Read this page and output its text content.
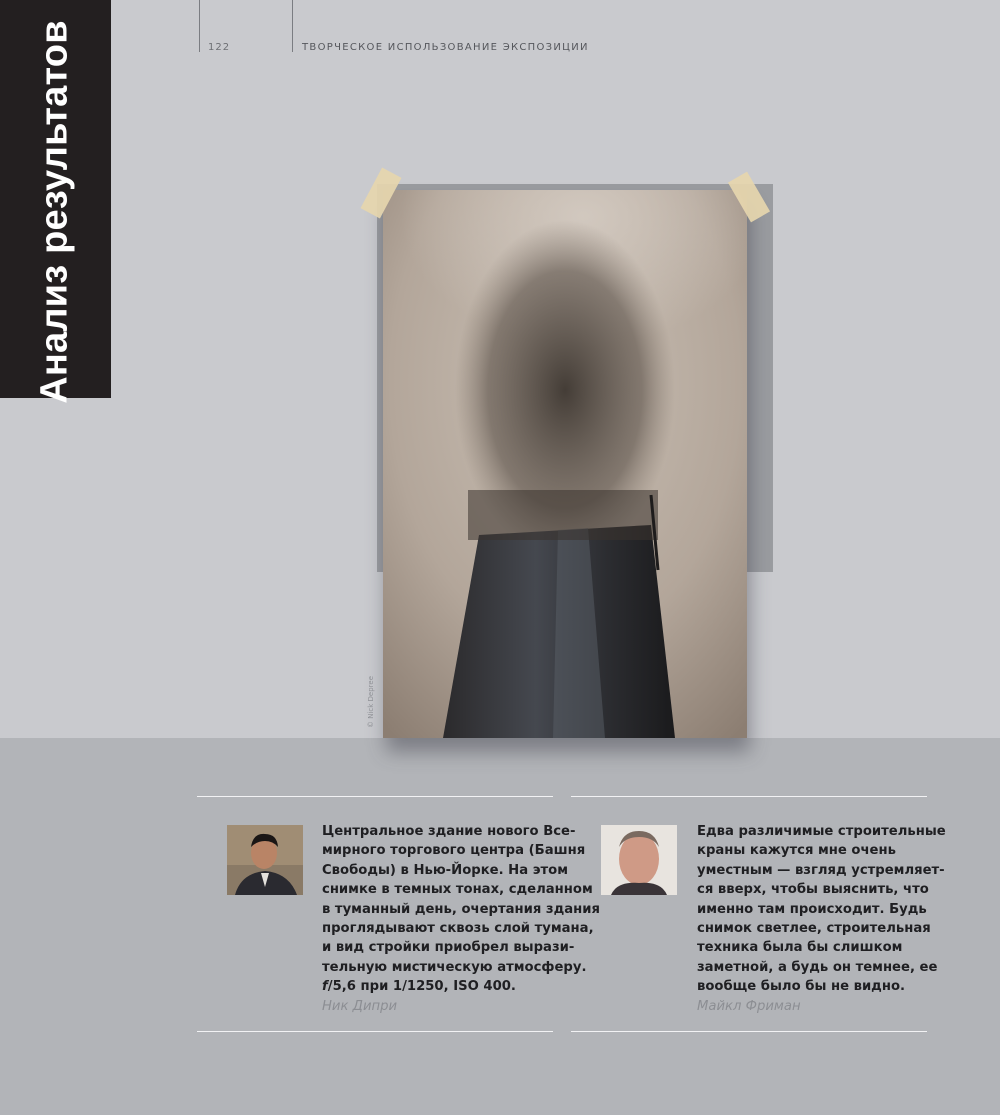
Анализ результатов	122	ТВОРЧЕСКОЕ ИСПОЛЬЗОВАНИЕ ЭКСПОЗИЦИИ
© Nick Depree
Центральное здание нового Все-
мирного торгового центра (Башня
Свободы) в Нью-Йорке. На этом
снимке в темных тонах, сделанном
в туманный день, очертания здания
проглядывают сквозь слой тумана,
и вид стройки приобрел вырази-
тельную мистическую атмосферу.
f/5,6 при 1/1250, ISO 400.
Ник Дипри
Едва различимые строительные
краны кажутся мне очень
уместным — взгляд устремляет-
ся вверх, чтобы выяснить, что
именно там происходит. Будь
снимок светлее, строительная
техника была бы слишком
заметной, а будь он темнее, ее
вообще было бы не видно.
Майкл Фриман
